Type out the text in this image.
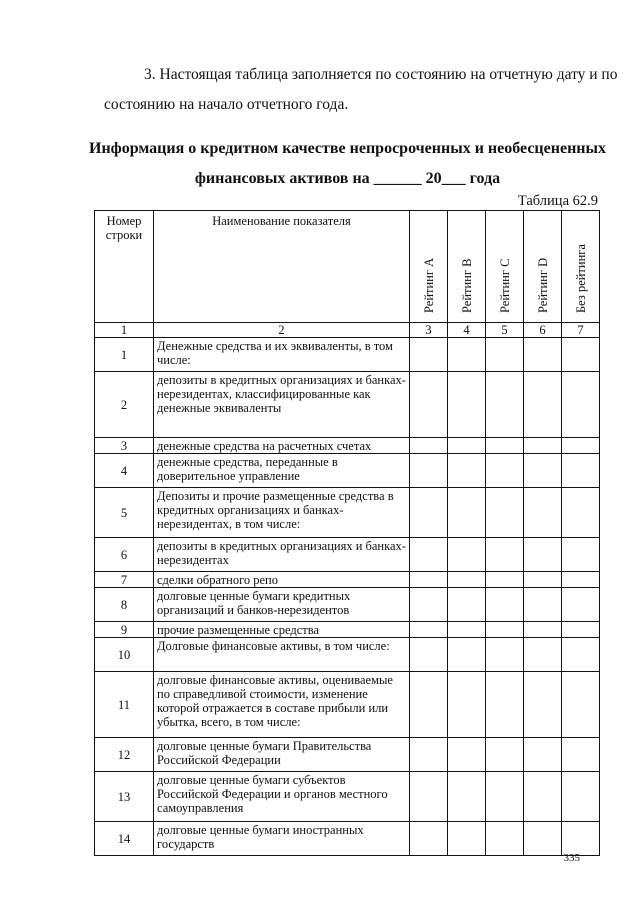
3. Настоящая таблица заполняется по состоянию на отчетную дату и по
состоянию на начало отчетного года.
Информация о кредитном качестве непросроченных и необесцененных
финансовых активов на ______ 20___ года
Таблица 62.9
Номер строки	Наименование показателя	Рейтинг A	Рейтинг B	Рейтинг C	Рейтинг D	Без рейтинга

1	2	3	4	5	6	7
1	Денежные средства и их эквиваленты, в том числе:					
2	депозиты в кредитных организациях и банках-нерезидентах, классифицированные как денежные эквиваленты					
3	денежные средства на расчетных счетах					
4	денежные средства, переданные в доверительное управление					
5	Депозиты и прочие размещенные средства в кредитных организациях и банках-нерезидентах, в том числе:					
6	депозиты в кредитных организациях и банках-нерезидентах					
7	сделки обратного репо					
8	долговые ценные бумаги кредитных организаций и банков-нерезидентов					
9	прочие размещенные средства					
10	Долговые финансовые активы, в том числе:					
11	долговые финансовые активы, оцениваемые по справедливой стоимости, изменение которой отражается в составе прибыли или убытка, всего, в том числе:					
12	долговые ценные бумаги Правительства Российской Федерации					
13	долговые ценные бумаги субъектов Российской Федерации и органов местного самоуправления					
14	долговые ценные бумаги иностранных государств					
335
